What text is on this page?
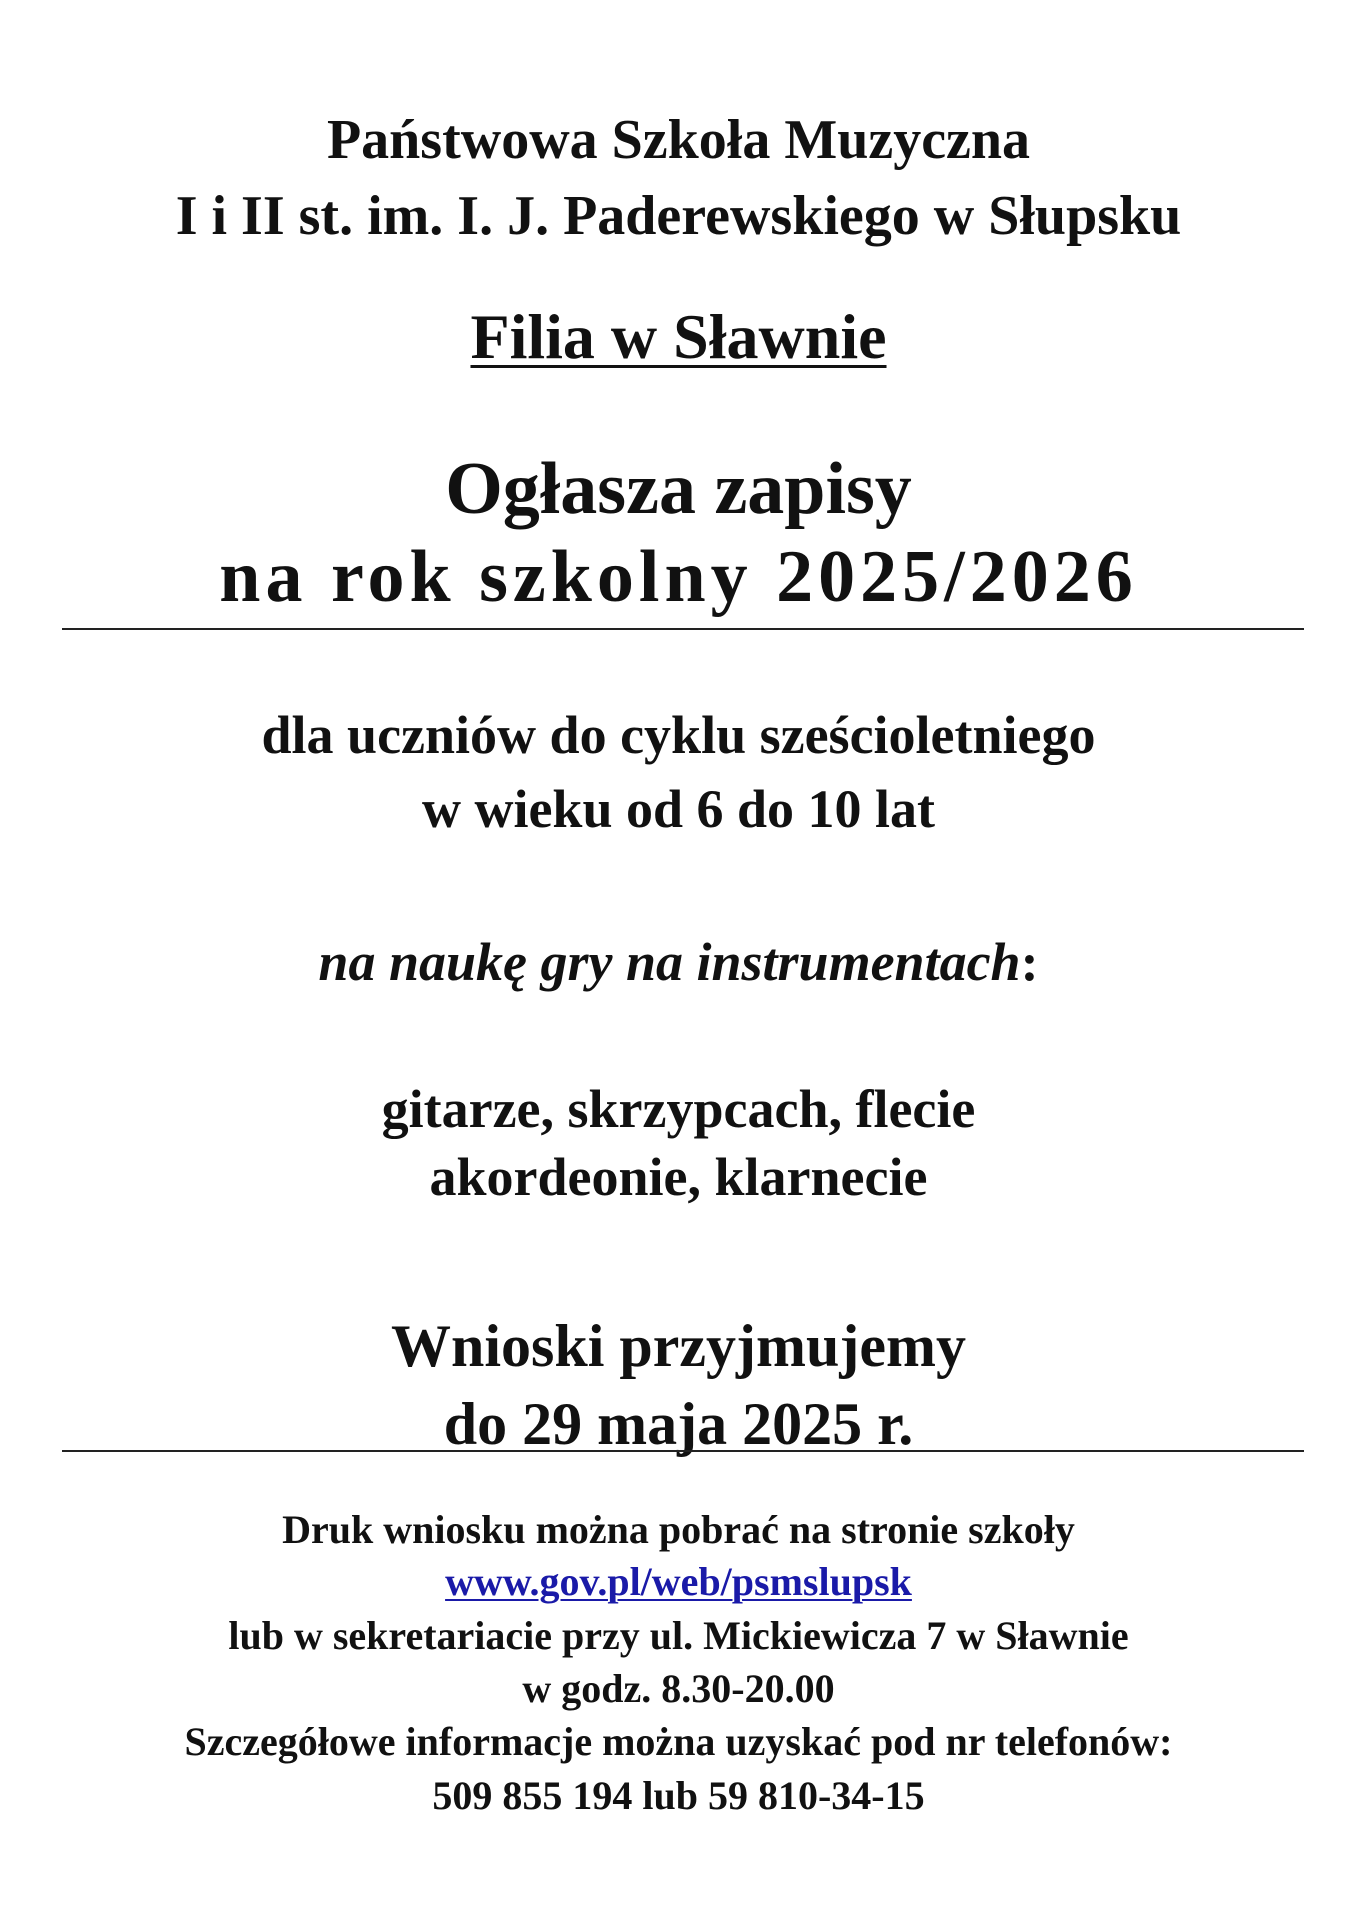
Państwowa Szkoła Muzyczna
I i II st. im. I. J. Paderewskiego w Słupsku
Filia w Sławnie
Ogłasza zapisy
na rok szkolny 2025/2026
dla uczniów do cyklu sześcioletniego
w wieku od 6 do 10 lat
na naukę gry na instrumentach:
gitarze, skrzypcach, flecie
akordeonie, klarnecie
Wnioski przyjmujemy
do 29 maja 2025 r.
Druk wniosku można pobrać na stronie szkoły
www.gov.pl/web/psmslupsk
lub w sekretariacie przy ul. Mickiewicza 7 w Sławnie
w godz. 8.30-20.00
Szczegółowe informacje można uzyskać pod nr telefonów:
509 855 194 lub 59 810-34-15
